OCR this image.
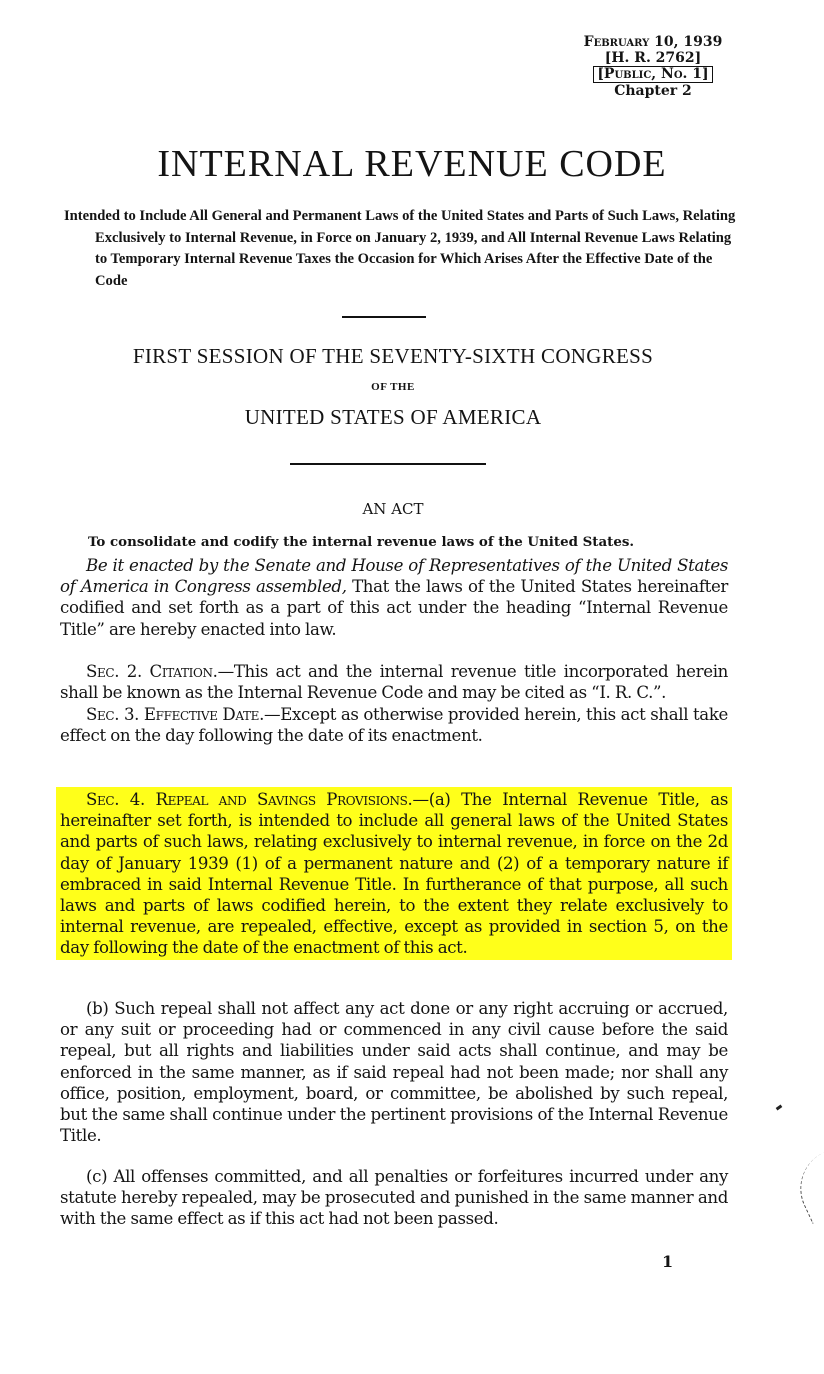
February 10, 1939
[H. R. 2762]
[Public, No. 1]
Chapter 2
INTERNAL REVENUE CODE
Intended to Include All General and Permanent Laws of the United States and Parts of Such Laws, Relating Exclusively to Internal Revenue, in Force on January 2, 1939, and All Internal Revenue Laws Relating to Temporary Internal Revenue Taxes the Occasion for Which Arises After the Effective Date of the Code
FIRST SESSION OF THE SEVENTY-SIXTH CONGRESS
OF THE
UNITED STATES OF AMERICA
AN ACT
To consolidate and codify the internal revenue laws of the United States.

Be it enacted by the Senate and House of Representatives of the United States of America in Congress assembled, That the laws of the United States hereinafter codified and set forth as a part of this act under the heading “Internal Revenue Title” are hereby enacted into law.

Sec. 2. Citation.—This act and the internal revenue title incorporated herein shall be known as the Internal Revenue Code and may be cited as “I. R. C.”.

Sec. 3. Effective Date.—Except as otherwise provided herein, this act shall take effect on the day following the date of its enactment.

Sec. 4. Repeal and Savings Provisions.—(a) The Internal Revenue Title, as hereinafter set forth, is intended to include all general laws of the United States and parts of such laws, relating exclusively to internal revenue, in force on the 2d day of January 1939 (1) of a permanent nature and (2) of a temporary nature if embraced in said Internal Revenue Title. In furtherance of that purpose, all such laws and parts of laws codified herein, to the extent they relate exclusively to internal revenue, are repealed, effective, except as provided in section 5, on the day following the date of the enactment of this act.

(b) Such repeal shall not affect any act done or any right accruing or accrued, or any suit or proceeding had or commenced in any civil cause before the said repeal, but all rights and liabilities under said acts shall continue, and may be enforced in the same manner, as if said repeal had not been made; nor shall any office, position, employment, board, or committee, be abolished by such repeal, but the same shall continue under the pertinent provisions of the Internal Revenue Title.

(c) All offenses committed, and all penalties or forfeitures incurred under any statute hereby repealed, may be prosecuted and punished in the same manner and with the same effect as if this act had not been passed.

1
